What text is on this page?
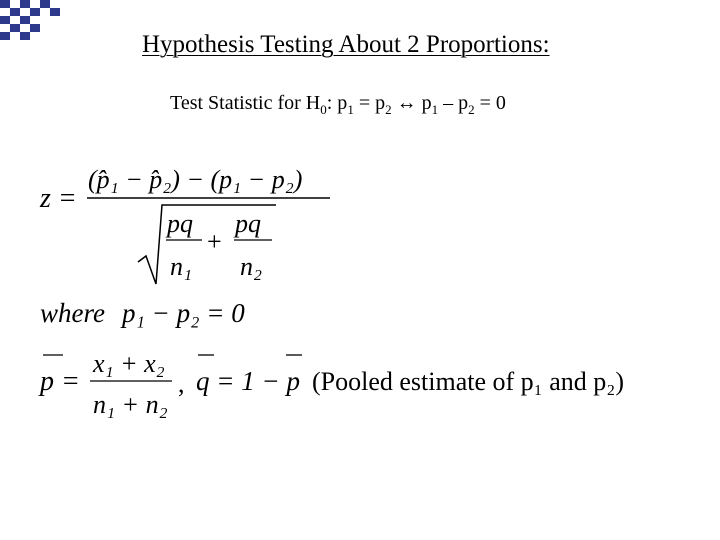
Hypothesis Testing About 2 Proportions:
Test Statistic for $H_0$: $p_1 = p_2$ ↔ $p_1 - p_2 = 0$
z =
(p̂₁ − p̂₂) − (p₁ − p₂)
pq
n₁
+
pq
n₂
where p₁ − p₂ = 0
p =
x₁ + x₂
n₁ + n₂
, q = 1 − p (Pooled estimate of p₁ and p₂)
